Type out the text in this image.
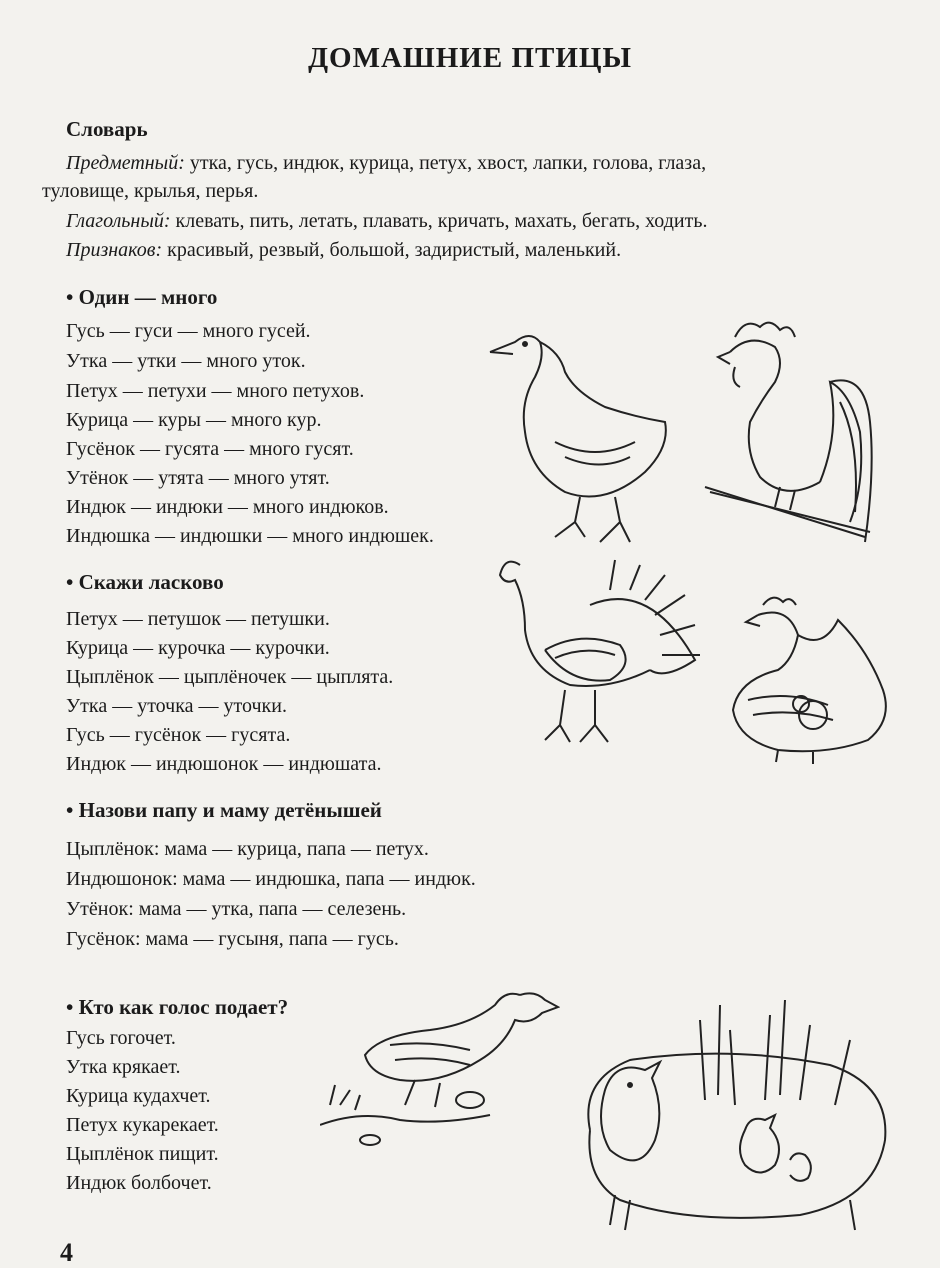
ДОМАШНИЕ ПТИЦЫ
Словарь
Предметный: утка, гусь, индюк, курица, петух, хвост, лапки, голова, глаза,
туловище, крылья, перья.
Глагольный: клевать, пить, летать, плавать, кричать, махать, бегать, ходить.
Признаков: красивый, резвый, большой, задиристый, маленький.
• Один — много
Гусь — гуси — много гусей.
Утка — утки — много уток.
Петух — петухи — много петухов.
Курица — куры — много кур.
Гусёнок — гусята — много гусят.
Утёнок — утята — много утят.
Индюк — индюки — много индюков.
Индюшка — индюшки — много индюшек.
• Скажи ласково
Петух — петушок — петушки.
Курица — курочка — курочки.
Цыплёнок — цыплёночек — цыплята.
Утка — уточка — уточки.
Гусь — гусёнок — гусята.
Индюк — индюшонок — индюшата.
• Назови папу и маму детёнышей
Цыплёнок: мама — курица, папа — петух.
Индюшонок: мама — индюшка, папа — индюк.
Утёнок: мама — утка, папа — селезень.
Гусёнок: мама — гусыня, папа — гусь.
• Кто как голос подает?
Гусь гогочет.
Утка крякает.
Курица кудахчет.
Петух кукарекает.
Цыплёнок пищит.
Индюк болбочет.
4
